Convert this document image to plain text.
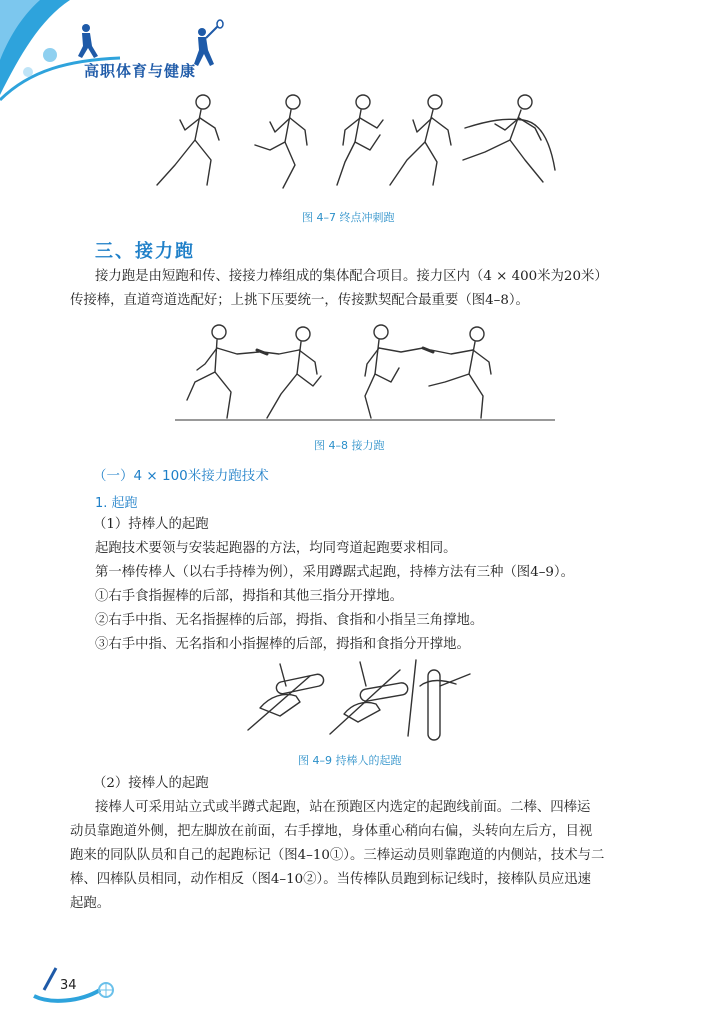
高职体育与健康
图 4–7 终点冲刺跑
三、接力跑
接力跑是由短跑和传、接接力棒组成的集体配合项目。接力区内（4 × 400米为20米）
传接棒，直道弯道选配好；上挑下压要统一，传接默契配合最重要（图4–8）。
图 4–8 接力跑
（一）4 × 100米接力跑技术
1. 起跑
（1）持棒人的起跑
起跑技术要领与安装起跑器的方法，均同弯道起跑要求相同。
第一棒传棒人（以右手持棒为例），采用蹲踞式起跑，持棒方法有三种（图4–9）。
①右手食指握棒的后部，拇指和其他三指分开撑地。
②右手中指、无名指握棒的后部，拇指、食指和小指呈三角撑地。
③右手中指、无名指和小指握棒的后部，拇指和食指分开撑地。
图 4–9 持棒人的起跑
（2）接棒人的起跑
接棒人可采用站立式或半蹲式起跑，站在预跑区内选定的起跑线前面。二棒、四棒运
动员靠跑道外侧，把左脚放在前面，右手撑地，身体重心稍向右偏，头转向左后方，目视
跑来的同队队员和自己的起跑标记（图4–10①）。三棒运动员则靠跑道的内侧站，技术与二
棒、四棒队员相同，动作相反（图4–10②）。当传棒队员跑到标记线时，接棒队员应迅速
起跑。
34
